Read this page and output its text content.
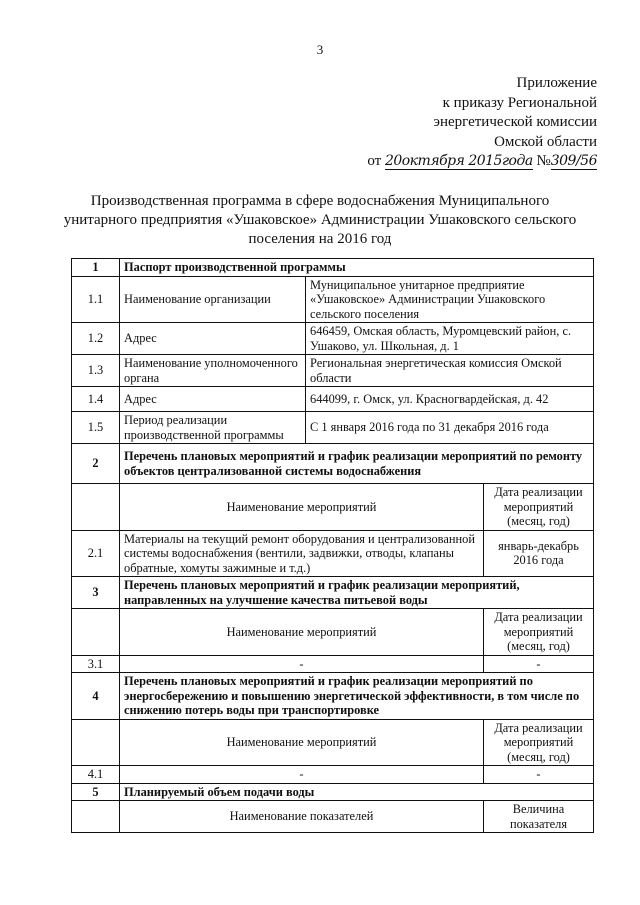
3
Приложение
к приказу Региональной
энергетической комиссии
Омской области
от 20октября 2015года №309/56
Производственная программа в сфере водоснабжения Муниципального унитарного предприятия «Ушаковское» Администрации Ушаковского сельского поселения на 2016 год
1	Паспорт производственной программы		
1.1	Наименование организации	Муниципальное унитарное предприятие «Ушаковское» Администрации Ушаковского сельского поселения	
1.2	Адрес	646459, Омская область, Муромцевский район, с. Ушаково, ул. Школьная, д. 1	
1.3	Наименование уполномоченного органа	Региональная энергетическая комиссия Омской области	
1.4	Адрес	644099, г. Омск, ул. Красногвардейская, д. 42	
1.5	Период реализации производственной программы	С 1 января 2016 года по 31 декабря 2016 года	
2	Перечень плановых мероприятий и график реализации мероприятий по ремонту объектов централизованной системы водоснабжения		
	Наименование мероприятий		Дата реализации мероприятий (месяц, год)
2.1	Материалы на текущий ремонт оборудования и централизованной системы водоснабжения (вентили, задвижки, отводы, клапаны обратные, хомуты зажимные и т.д.)		январь-декабрь 2016 года
3	Перечень плановых мероприятий и график реализации мероприятий, направленных на улучшение качества питьевой воды		
	Наименование мероприятий		Дата реализации мероприятий (месяц, год)
3.1	-		-
4	Перечень плановых мероприятий и график реализации мероприятий по энергосбережению и повышению энергетической эффективности, в том числе по снижению потерь воды при транспортировке		
	Наименование мероприятий		Дата реализации мероприятий (месяц, год)
4.1	-		-
5	Планируемый объем подачи воды		
	Наименование показателей		Величина показателя
